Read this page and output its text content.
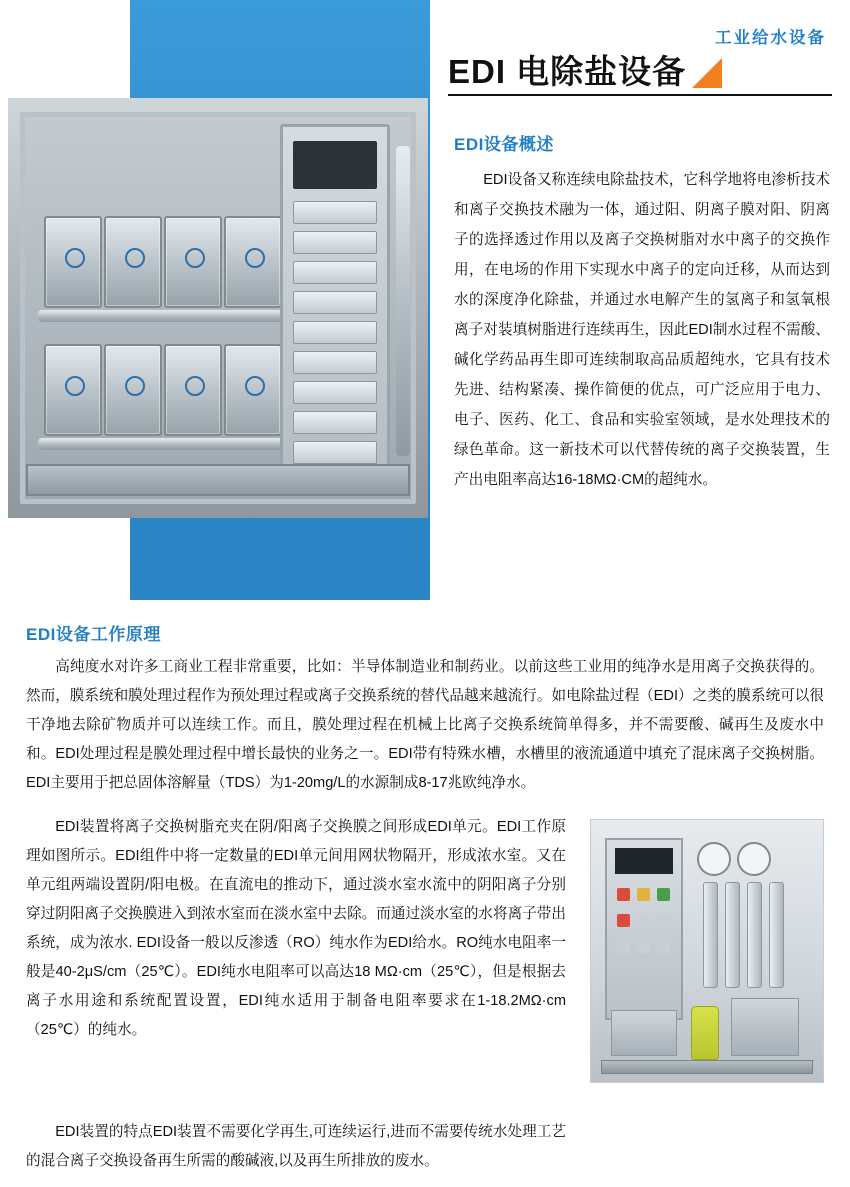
工业给水设备
EDI 电除盐设备
EDI设备概述

EDI设备又称连续电除盐技术，它科学地将电渗析技术和离子交换技术融为一体，通过阳、阴离子膜对阳、阴离子的选择透过作用以及离子交换树脂对水中离子的交换作用，在电场的作用下实现水中离子的定向迁移，从而达到水的深度净化除盐，并通过水电解产生的氢离子和氢氧根离子对装填树脂进行连续再生，因此EDI制水过程不需酸、碱化学药品再生即可连续制取高品质超纯水，它具有技术先进、结构紧凑、操作简便的优点，可广泛应用于电力、电子、医药、化工、食品和实验室领域，是水处理技术的绿色革命。这一新技术可以代替传统的离子交换装置，生产出电阻率高达16-18MΩ·CM的超纯水。

EDI设备工作原理

高纯度水对许多工商业工程非常重要，比如：半导体制造业和制药业。以前这些工业用的纯净水是用离子交换获得的。然而，膜系统和膜处理过程作为预处理过程或离子交换系统的替代品越来越流行。如电除盐过程（EDI）之类的膜系统可以很干净地去除矿物质并可以连续工作。而且，膜处理过程在机械上比离子交换系统简单得多，并不需要酸、碱再生及废水中和。EDI处理过程是膜处理过程中增长最快的业务之一。EDI带有特殊水槽，水槽里的液流通道中填充了混床离子交换树脂。EDI主要用于把总固体溶解量（TDS）为1-20mg/L的水源制成8-17兆欧纯净水。

EDI装置将离子交换树脂充夹在阴/阳离子交换膜之间形成EDI单元。EDI工作原理如图所示。EDI组件中将一定数量的EDI单元间用网状物隔开，形成浓水室。又在单元组两端设置阴/阳电极。在直流电的推动下，通过淡水室水流中的阴阳离子分别穿过阴阳离子交换膜进入到浓水室而在淡水室中去除。而通过淡水室的水将离子带出系统，成为浓水. EDI设备一般以反渗透（RO）纯水作为EDI给水。RO纯水电阻率一般是40-2μS/cm（25℃）。EDI纯水电阻率可以高达18 MΩ·cm（25℃），但是根据去离子水用途和系统配置设置，EDI纯水适用于制备电阻率要求在1-18.2MΩ·cm（25℃）的纯水。

EDI装置的特点EDI装置不需要化学再生,可连续运行,进而不需要传统水处理工艺的混合离子交换设备再生所需的酸碱液,以及再生所排放的废水。
